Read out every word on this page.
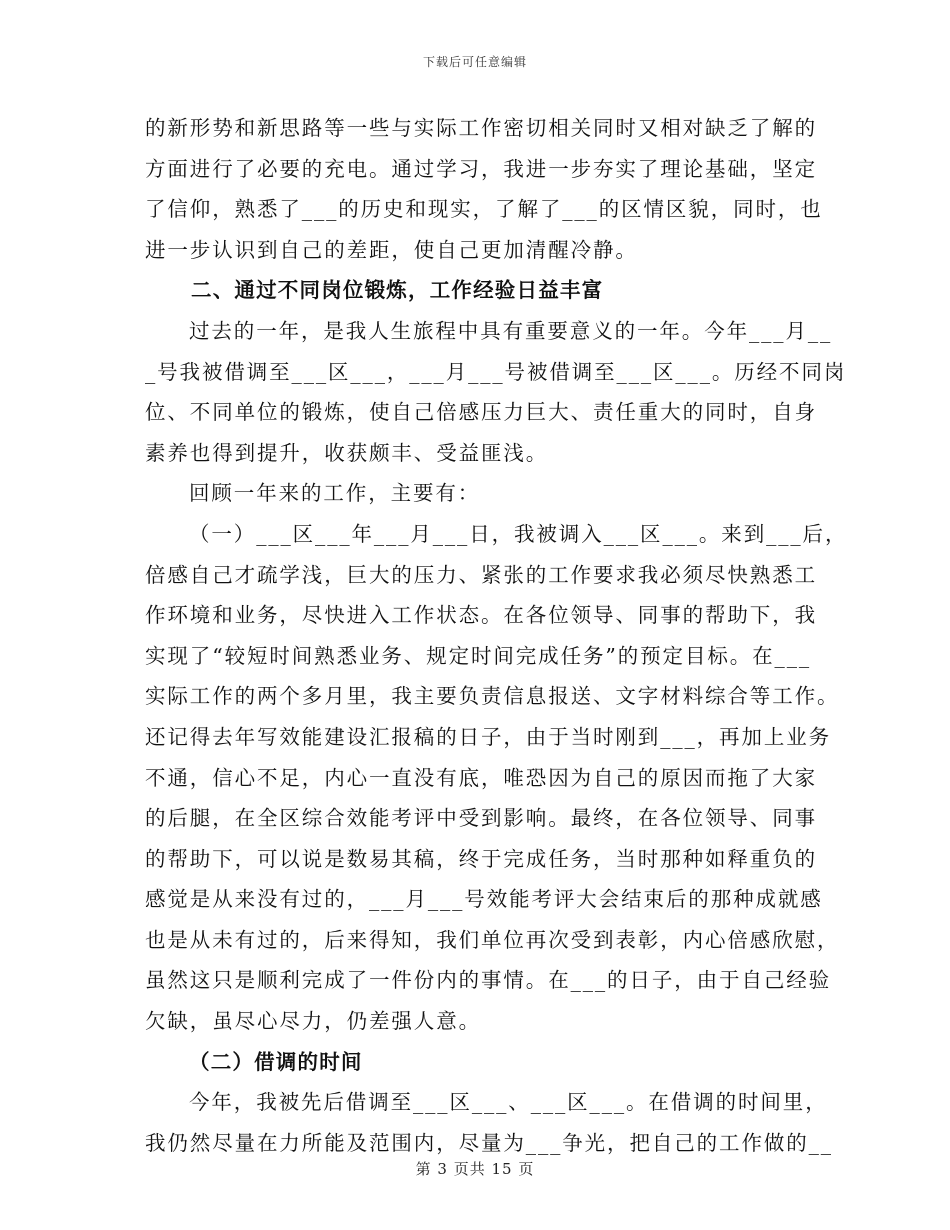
下载后可任意编辑
的新形势和新思路等一些与实际工作密切相关同时又相对缺乏了解的
方面进行了必要的充电。通过学习，我进一步夯实了理论基础，坚定
了信仰，熟悉了___的历史和现实，了解了___的区情区貌，同时，也
进一步认识到自己的差距，使自己更加清醒冷静。
二、通过不同岗位锻炼，工作经验日益丰富
过去的一年，是我人生旅程中具有重要意义的一年。今年___月__
_号我被借调至___区___，___月___号被借调至___区___。历经不同岗
位、不同单位的锻炼，使自己倍感压力巨大、责任重大的同时，自身
素养也得到提升，收获颇丰、受益匪浅。
回顾一年来的工作，主要有：
（一）___区___年___月___日，我被调入___区___。来到___后，
倍感自己才疏学浅，巨大的压力、紧张的工作要求我必须尽快熟悉工
作环境和业务，尽快进入工作状态。在各位领导、同事的帮助下，我
实现了“较短时间熟悉业务、规定时间完成任务”的预定目标。在___
实际工作的两个多月里，我主要负责信息报送、文字材料综合等工作。
还记得去年写效能建设汇报稿的日子，由于当时刚到___，再加上业务
不通，信心不足，内心一直没有底，唯恐因为自己的原因而拖了大家
的后腿，在全区综合效能考评中受到影响。最终，在各位领导、同事
的帮助下，可以说是数易其稿，终于完成任务，当时那种如释重负的
感觉是从来没有过的，___月___号效能考评大会结束后的那种成就感
也是从未有过的，后来得知，我们单位再次受到表彰，内心倍感欣慰，
虽然这只是顺利完成了一件份内的事情。在___的日子，由于自己经验
欠缺，虽尽心尽力，仍差强人意。
（二）借调的时间
今年，我被先后借调至___区___、___区___。在借调的时间里，
我仍然尽量在力所能及范围内，尽量为___争光，把自己的工作做的__
第 3 页共 15 页
